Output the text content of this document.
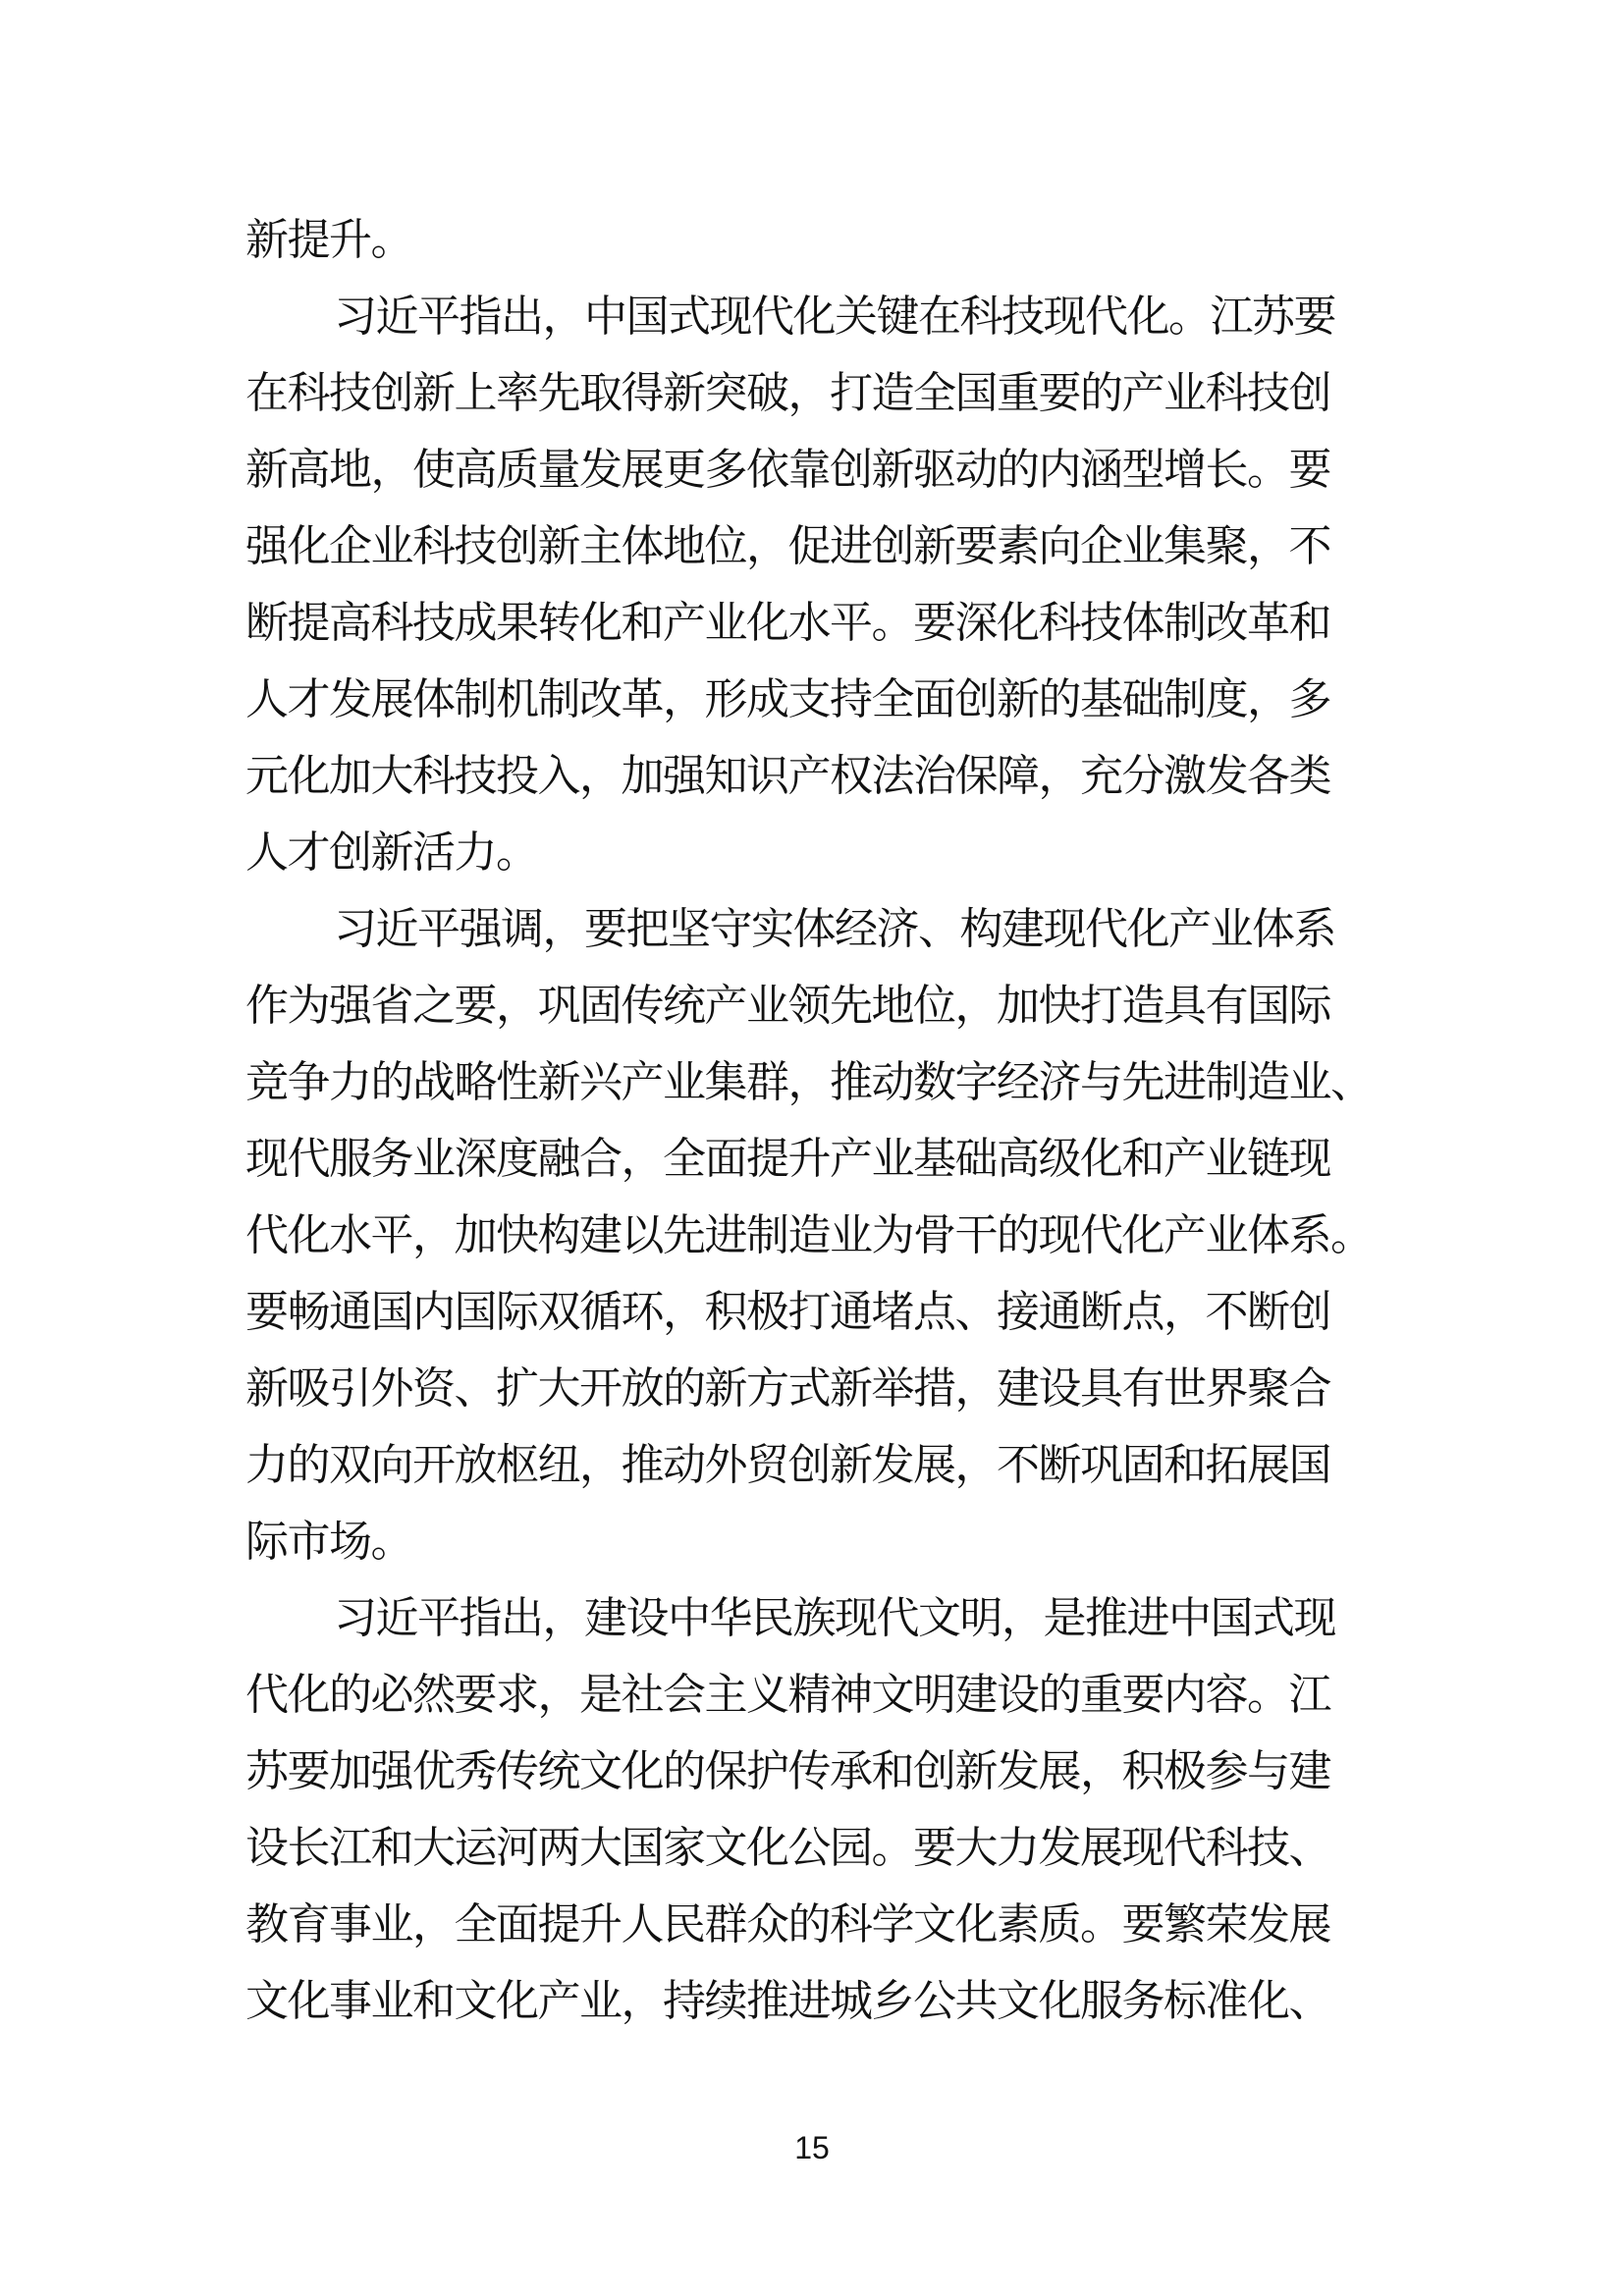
新提升。
习近平指出，中国式现代化关键在科技现代化。江苏要
在科技创新上率先取得新突破，打造全国重要的产业科技创
新高地，使高质量发展更多依靠创新驱动的内涵型增长。要
强化企业科技创新主体地位，促进创新要素向企业集聚，不
断提高科技成果转化和产业化水平。要深化科技体制改革和
人才发展体制机制改革，形成支持全面创新的基础制度，多
元化加大科技投入，加强知识产权法治保障，充分激发各类
人才创新活力。
习近平强调，要把坚守实体经济、构建现代化产业体系
作为强省之要，巩固传统产业领先地位，加快打造具有国际
竞争力的战略性新兴产业集群，推动数字经济与先进制造业、
现代服务业深度融合，全面提升产业基础高级化和产业链现
代化水平，加快构建以先进制造业为骨干的现代化产业体系。
要畅通国内国际双循环，积极打通堵点、接通断点，不断创
新吸引外资、扩大开放的新方式新举措，建设具有世界聚合
力的双向开放枢纽，推动外贸创新发展，不断巩固和拓展国
际市场。
习近平指出，建设中华民族现代文明，是推进中国式现
代化的必然要求，是社会主义精神文明建设的重要内容。江
苏要加强优秀传统文化的保护传承和创新发展，积极参与建
设长江和大运河两大国家文化公园。要大力发展现代科技、
教育事业，全面提升人民群众的科学文化素质。要繁荣发展
文化事业和文化产业，持续推进城乡公共文化服务标准化、
15
